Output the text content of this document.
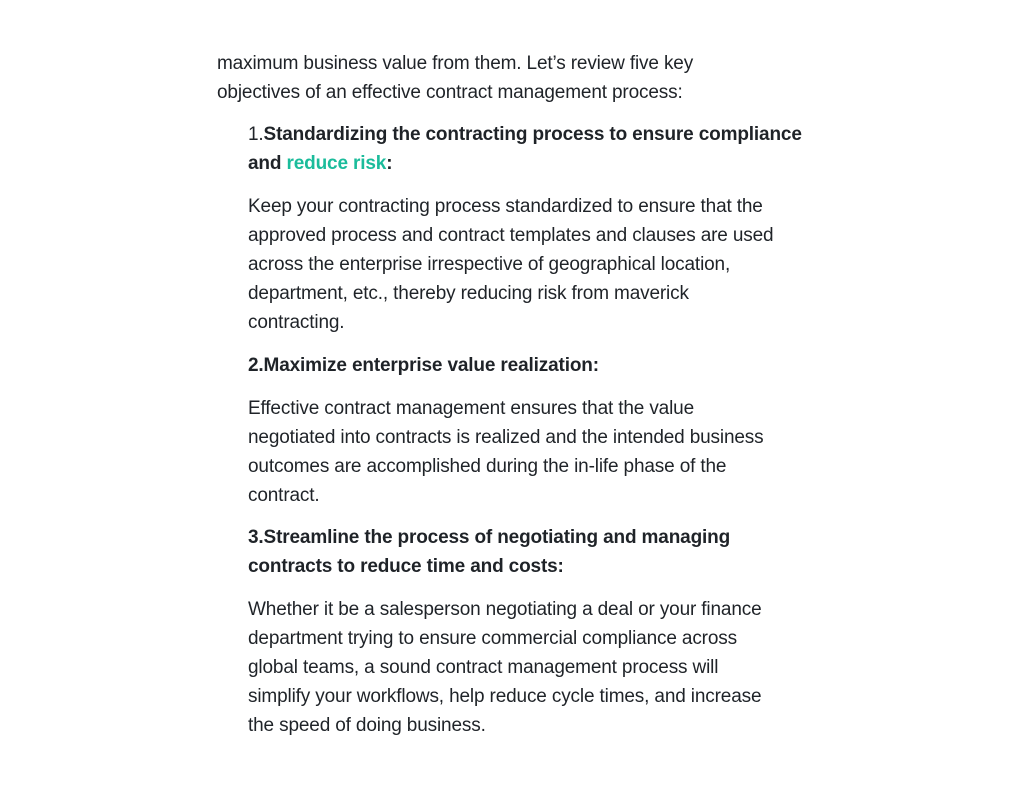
maximum business value from them. Let’s review five key
objectives of an effective contract management process:

1.Standardizing the contracting process to ensure compliance
and reduce risk:

Keep your contracting process standardized to ensure that the
approved process and contract templates and clauses are used
across the enterprise irrespective of geographical location,
department, etc., thereby reducing risk from maverick
contracting.

2.Maximize enterprise value realization:

Effective contract management ensures that the value
negotiated into contracts is realized and the intended business
outcomes are accomplished during the in-life phase of the
contract.

3.Streamline the process of negotiating and managing
contracts to reduce time and costs:

Whether it be a salesperson negotiating a deal or your finance
department trying to ensure commercial compliance across
global teams, a sound contract management process will
simplify your workflows, help reduce cycle times, and increase
the speed of doing business.
